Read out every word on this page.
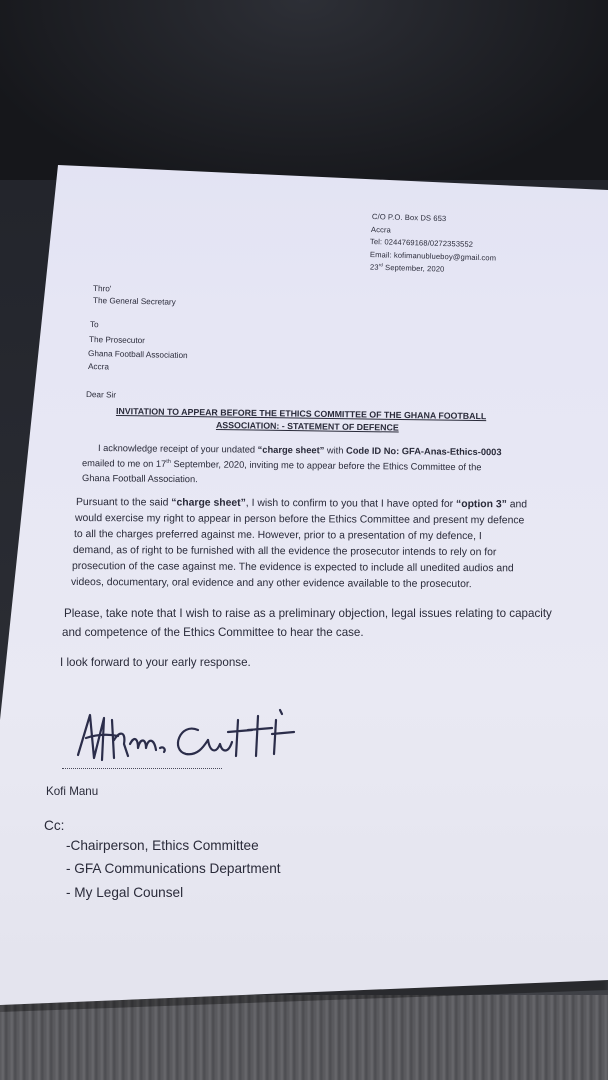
C/O P.O. Box DS 653
Accra
Tel: 0244769168/0272353552
Email: kofimanublueboy@gmail.com
23rd September, 2020
Thro'
The General Secretary
To
The Prosecutor
Ghana Football Association
Accra
Dear Sir
INVITATION TO APPEAR BEFORE THE ETHICS COMMITTEE OF THE GHANA FOOTBALL
ASSOCIATION: - STATEMENT OF DEFENCE
I acknowledge receipt of your undated “charge sheet” with Code ID No: GFA-Anas-Ethics-0003
emailed to me on 17th September, 2020, inviting me to appear before the Ethics Committee of the
Ghana Football Association.
Pursuant to the said “charge sheet”, I wish to confirm to you that I have opted for “option 3” and
would exercise my right to appear in person before the Ethics Committee and present my defence
to all the charges preferred against me. However, prior to a presentation of my defence, I
demand, as of right to be furnished with all the evidence the prosecutor intends to rely on for
prosecution of the case against me. The evidence is expected to include all unedited audios and
videos, documentary, oral evidence and any other evidence available to the prosecutor.
Please, take note that I wish to raise as a preliminary objection, legal issues relating to capacity
and competence of the Ethics Committee to hear the case.
I look forward to your early response.
Kofi Manu
Cc:
-Chairperson, Ethics Committee
- GFA Communications Department
- My Legal Counsel
